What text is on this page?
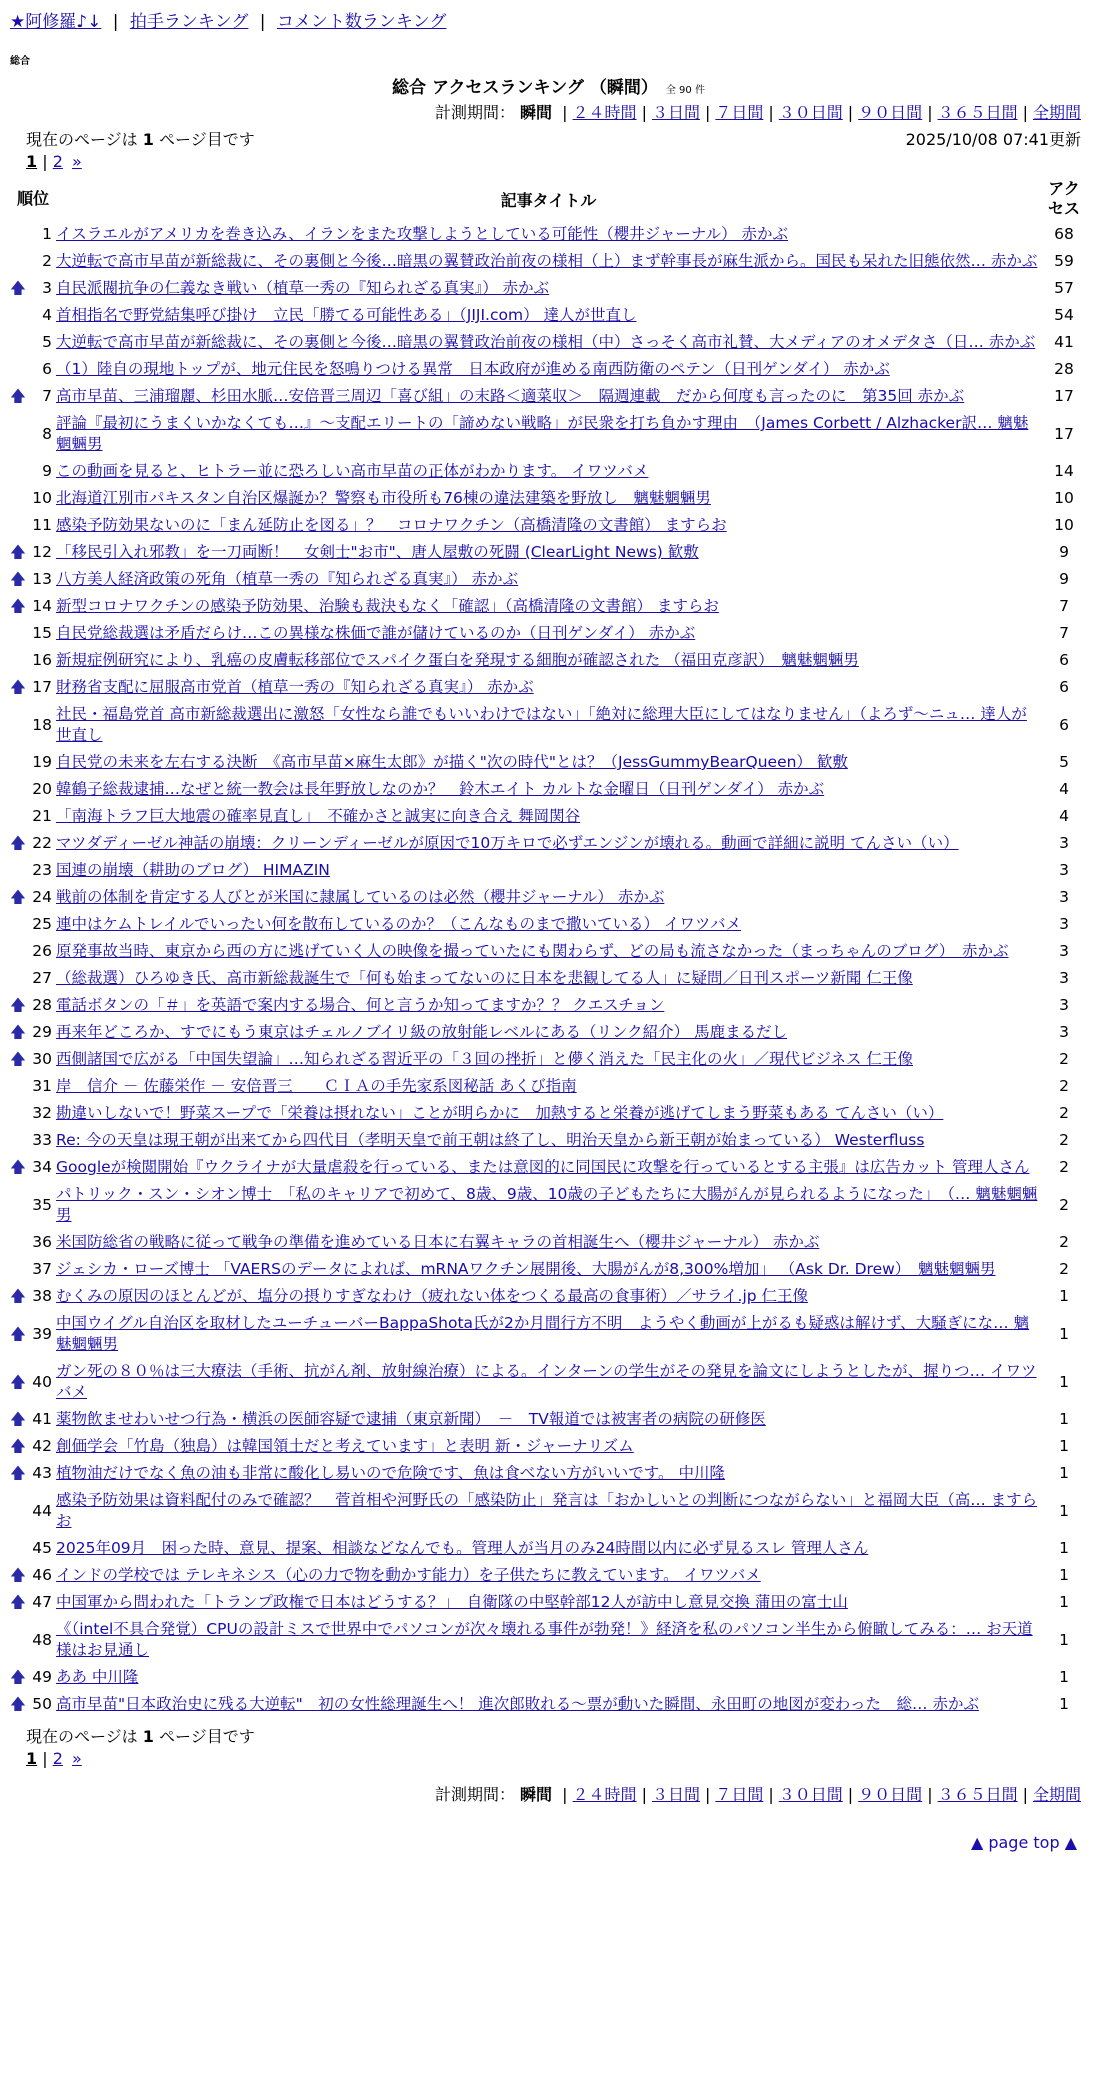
★阿修羅♪↓ | 拍手ランキング | コメント数ランキング
総合
総合 アクセスランキング （瞬間） 全 90 件
計測期間： 瞬間 | ２４時間 | ３日間 | ７日間 | ３０日間 | ９０日間 | ３６５日間 | 全期間
現在のページは 1 ページ目です	2025/10/08 07:41更新
1 | 2 »
順位		記事タイトル	アクセス
	1	イスラエルがアメリカを巻き込み、イランをまた攻撃しようとしている可能性（櫻井ジャーナル） 赤かぶ	68
	2	大逆転で高市早苗が新総裁に、その裏側と今後…暗黒の翼賛政治前夜の様相（上）まず幹事長が麻生派から。国民も呆れた旧態依然… 赤かぶ	59
🡅	3	自民派閥抗争の仁義なき戦い（植草一秀の『知られざる真実』） 赤かぶ	57
	4	首相指名で野党結集呼び掛け　立民「勝てる可能性ある」（JIJI.com） 達人が世直し	54
	5	大逆転で高市早苗が新総裁に、その裏側と今後…暗黒の翼賛政治前夜の様相（中）さっそく高市礼賛、大メディアのオメデタさ（日… 赤かぶ	41
	6	（1）陸自の現地トップが、地元住民を怒鳴りつける異常　日本政府が進める南西防衛のペテン（日刊ゲンダイ） 赤かぶ	28
🡅	7	高市早苗、三浦瑠麗、杉田水脈…安倍晋三周辺「喜び組」の末路＜適菜収＞　隔週連載　だから何度も言ったのに　第35回 赤かぶ	17
	8	評論『最初にうまくいかなくても…』～支配エリートの「諦めない戦略」が民衆を打ち負かす理由　（James Corbett / Alzhacker訳… 魑魅魍魎男	17
	9	この動画を見ると、ヒトラー並に恐ろしい高市早苗の正体がわかります。 イワツバメ	14
	10	北海道江別市パキスタン自治区爆誕か？警察も市役所も76棟の違法建築を野放し　魑魅魍魎男	10
	11	感染予防効果ないのに「まん延防止を図る」？　コロナワクチン（高橋清隆の文書館） ますらお	10
🡅	12	「移民引入れ邪教」を一刀両断！　女剣士"お市"、唐人屋敷の死闘 (ClearLight News) 歓敷	9
🡅	13	八方美人経済政策の死角（植草一秀の『知られざる真実』） 赤かぶ	9
🡅	14	新型コロナワクチンの感染予防効果、治験も裁決もなく「確認」（高橋清隆の文書館） ますらお	7
	15	自民党総裁選は矛盾だらけ…この異様な株価で誰が儲けているのか（日刊ゲンダイ） 赤かぶ	7
	16	新規症例研究により、乳癌の皮膚転移部位でスパイク蛋白を発現する細胞が確認された （福田克彦訳）　魑魅魍魎男	6
🡅	17	財務省支配に屈服高市党首（植草一秀の『知られざる真実』） 赤かぶ	6
	18	社民・福島党首 高市新総裁選出に激怒「女性なら誰でもいいわけではない」「絶対に総理大臣にしてはなりません」（よろず～ニュ… 達人が世直し	6
	19	自民党の未来を左右する決断　《高市早苗×麻生太郎》が描く"次の時代"とは？（JessGummyBearQueen） 歓敷	5
	20	韓鶴子総裁逮捕…なぜと統一教会は長年野放しなのか？　鈴木エイト カルトな金曜日（日刊ゲンダイ） 赤かぶ	4
	21	「南海トラフ巨大地震の確率見直し」　不確かさと誠実に向き合え 舞岡関谷	4
🡅	22	マツダディーゼル神話の崩壊：クリーンディーゼルが原因で10万キロで必ずエンジンが壊れる。動画で詳細に説明 てんさい（い）	3
	23	国連の崩壊（耕助のブログ） HIMAZIN	3
🡅	24	戦前の体制を肯定する人びとが米国に隷属しているのは必然（櫻井ジャーナル） 赤かぶ	3
	25	連中はケムトレイルでいったい何を散布しているのか？（こんなものまで撒いている） イワツバメ	3
	26	原発事故当時、東京から西の方に逃げていく人の映像を撮っていたにも関わらず、どの局も流さなかった（まっちゃんのブログ）　赤かぶ	3
	27	（総裁選）ひろゆき氏、高市新総裁誕生で「何も始まってないのに日本を悲観してる人」に疑問／日刊スポーツ新聞 仁王像	3
🡅	28	電話ボタンの「＃」を英語で案内する場合、何と言うか知ってますか？？ クエスチョン	3
🡅	29	再来年どころか、すでにもう東京はチェルノブイリ級の放射能レベルにある（リンク紹介） 馬鹿まるだし	3
🡅	30	西側諸国で広がる「中国失望論」…知られざる習近平の「３回の挫折」と儚く消えた「民主化の火」／現代ビジネス 仁王像	2
	31	岸　信介 － 佐藤栄作 － 安倍晋三　　ＣＩＡの手先家系図秘話 あくび指南	2
	32	勘違いしないで！野菜スープで「栄養は摂れない」ことが明らかに　加熱すると栄養が逃げてしまう野菜もある てんさい（い）	2
	33	Re: 今の天皇は現王朝が出来てから四代目（孝明天皇で前王朝は終了し、明治天皇から新王朝が始まっている） Westerfluss	2
🡅	34	Googleが検閲開始『ウクライナが大量虐殺を行っている、または意図的に同国民に攻撃を行っているとする主張』は広告カット 管理人さん	2
	35	パトリック・スン・シオン博士　「私のキャリアで初めて、8歳、9歳、10歳の子どもたちに大腸がんが見られるようになった」　（… 魑魅魍魎男	2
	36	米国防総省の戦略に従って戦争の準備を進めている日本に右翼キャラの首相誕生へ（櫻井ジャーナル） 赤かぶ	2
	37	ジェシカ・ローズ博士 「VAERSのデータによれば、mRNAワクチン展開後、大腸がんが8,300%増加」 （Ask Dr. Drew）　魑魅魍魎男	2
🡅	38	むくみの原因のほとんどが、塩分の摂りすぎなわけ（疲れない体をつくる最高の食事術）／サライ.jp 仁王像	1
🡅	39	中国ウイグル自治区を取材したユーチューバーBappaShota氏が2か月間行方不明　ようやく動画が上がるも疑惑は解けず、大騒ぎにな… 魑魅魍魎男	1
🡅	40	ガン死の８０％は三大療法（手術、抗がん剤、放射線治療）による。インターンの学生がその発見を論文にしようとしたが、握りつ… イワツバメ	1
🡅	41	薬物飲ませわいせつ行為・横浜の医師容疑で逮捕（東京新聞）　－　TV報道では被害者の病院の研修医	1
🡅	42	創価学会「竹島（独島）は韓国領土だと考えています」と表明 新・ジャーナリズム	1
🡅	43	植物油だけでなく魚の油も非常に酸化し易いので危険です、魚は食べない方がいいです。 中川隆	1
	44	感染予防効果は資料配付のみで確認？　菅首相や河野氏の「感染防止」発言は「おかしいとの判断につながらない」と福岡大臣（高… ますらお	1
	45	2025年09月　困った時、意見、提案、相談などなんでも。管理人が当月のみ24時間以内に必ず見るスレ 管理人さん	1
🡅	46	インドの学校では テレキネシス（心の力で物を動かす能力）を子供たちに教えています。 イワツバメ	1
🡅	47	中国軍から問われた「トランプ政権で日本はどうする？」　自衛隊の中堅幹部12人が訪中し意見交換 蒲田の富士山	1
	48	《（intel不具合発覚）CPUの設計ミスで世界中でパソコンが次々壊れる事件が勃発！》経済を私のパソコン半生から俯瞰してみる：… お天道様はお見通し	1
🡅	49	ああ 中川隆	1
🡅	50	高市早苗"日本政治史に残る大逆転"　初の女性総理誕生へ！ 進次郎敗れる～票が動いた瞬間、永田町の地図が変わった　総… 赤かぶ	1
現在のページは 1 ページ目です
1 | 2 »
計測期間： 瞬間 | ２４時間 | ３日間 | ７日間 | ３０日間 | ９０日間 | ３６５日間 | 全期間
▲ page top ▲
